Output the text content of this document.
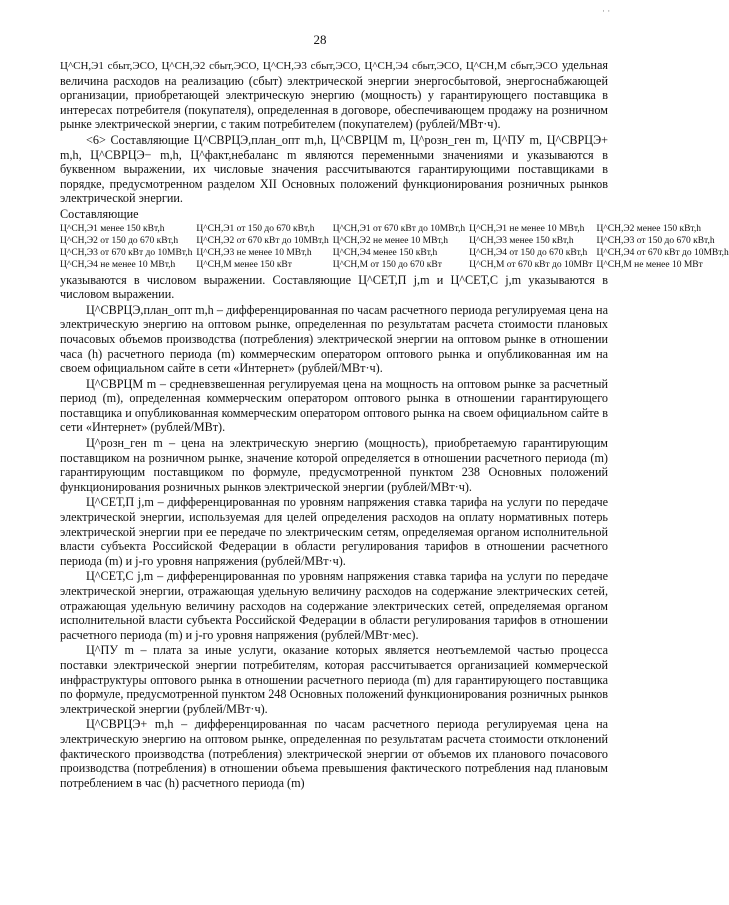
· ·
28

Ц^СН,Э1 сбыт,ЭСО, Ц^СН,Э2 сбыт,ЭСО, Ц^СН,Э3 сбыт,ЭСО, Ц^СН,Э4 сбыт,ЭСО, Ц^СН,М сбыт,ЭСО удельная величина расходов на реализацию (сбыт) электрической энергии энергосбытовой, энергоснабжающей организации, приобретающей электрическую энергию (мощность) у гарантирующего поставщика в интересах потребителя (покупателя), определенная в договоре, обеспечивающем продажу на розничном рынке электрической энергии, с таким потребителем (покупателем) (рублей/МВт·ч).

<6> Составляющие Ц^СВРЦЭ,план_опт m,h, Ц^СВРЦМ m, Ц^розн_ген m, Ц^ПУ m, Ц^СВРЦЭ+ m,h, Ц^СВРЦЭ− m,h, Ц^факт,небаланс m являются переменными значениями и указываются в буквенном выражении, их числовые значения рассчитываются гарантирующими поставщиками в порядке, предусмотренном разделом XII Основных положений функционирования розничных рынков электрической энергии.

Составляющие

Ц^СН,Э1 менее 150 кВт,h	Ц^СН,Э1 от 150 до 670 кВт,h	Ц^СН,Э1 от 670 кВт до 10МВт,h Ц^СН,Э1 не менее 10 МВт,h	Ц^СН,Э2 менее 150 кВт,h
Ц^СН,Э2 от 150 до 670 кВт,h	Ц^СН,Э2 от 670 кВт до 10МВт,h Ц^СН,Э2 не менее 10 МВт,h	Ц^СН,Э3 менее 150 кВт,h	Ц^СН,Э3 от 150 до 670 кВт,h
Ц^СН,Э3 от 670 кВт до 10МВт,h Ц^СН,Э3 не менее 10 МВт,h	Ц^СН,Э4 менее 150 кВт,h	Ц^СН,Э4 от 150 до 670 кВт,h Ц^СН,Э4 от 670 кВт до 10МВт,h
Ц^СН,Э4 не менее 10 МВт,h	Ц^СН,М менее 150 кВт	Ц^СН,М от 150 до 670 кВт	Ц^СН,М от 670 кВт до 10МВт Ц^СН,М не менее 10 МВт

указываются в числовом выражении. Составляющие Ц^СЕТ,П j,m и Ц^СЕТ,С j,m указываются в числовом выражении.

Ц^СВРЦЭ,план_опт m,h – дифференцированная по часам расчетного периода регулируемая цена на электрическую энергию на оптовом рынке, определенная по результатам расчета стоимости плановых почасовых объемов производства (потребления) электрической энергии на оптовом рынке в отношении часа (h) расчетного периода (m) коммерческим оператором оптового рынка и опубликованная им на своем официальном сайте в сети «Интернет» (рублей/МВт·ч).

Ц^СВРЦМ m – средневзвешенная регулируемая цена на мощность на оптовом рынке за расчетный период (m), определенная коммерческим оператором оптового рынка в отношении гарантирующего поставщика и опубликованная коммерческим оператором оптового рынка на своем официальном сайте в сети «Интернет» (рублей/МВт).

Ц^розн_ген m – цена на электрическую энергию (мощность), приобретаемую гарантирующим поставщиком на розничном рынке, значение которой определяется в отношении расчетного периода (m) гарантирующим поставщиком по формуле, предусмотренной пунктом 238 Основных положений функционирования розничных рынков электрической энергии (рублей/МВт·ч).

Ц^СЕТ,П j,m – дифференцированная по уровням напряжения ставка тарифа на услуги по передаче электрической энергии, используемая для целей определения расходов на оплату нормативных потерь электрической энергии при ее передаче по электрическим сетям, определяемая органом исполнительной власти субъекта Российской Федерации в области регулирования тарифов в отношении расчетного периода (m) и j-го уровня напряжения (рублей/МВт·ч).

Ц^СЕТ,С j,m – дифференцированная по уровням напряжения ставка тарифа на услуги по передаче электрической энергии, отражающая удельную величину расходов на содержание электрических сетей, отражающая удельную величину расходов на содержание электрических сетей, определяемая органом исполнительной власти субъекта Российской Федерации в области регулирования тарифов в отношении расчетного периода (m) и j-го уровня напряжения (рублей/МВт·мес).

Ц^ПУ m – плата за иные услуги, оказание которых является неотъемлемой частью процесса поставки электрической энергии потребителям, которая рассчитывается организацией коммерческой инфраструктуры оптового рынка в отношении расчетного периода (m) для гарантирующего поставщика по формуле, предусмотренной пунктом 248 Основных положений функционирования розничных рынков электрической энергии (рублей/МВт·ч).

Ц^СВРЦЭ+ m,h – дифференцированная по часам расчетного периода регулируемая цена на электрическую энергию на оптовом рынке, определенная по результатам расчета стоимости отклонений фактического производства (потребления) электрической энергии от объемов их планового почасового производства (потребления) в отношении объема превышения фактического потребления над плановым потреблением в час (h) расчетного периода (m)
